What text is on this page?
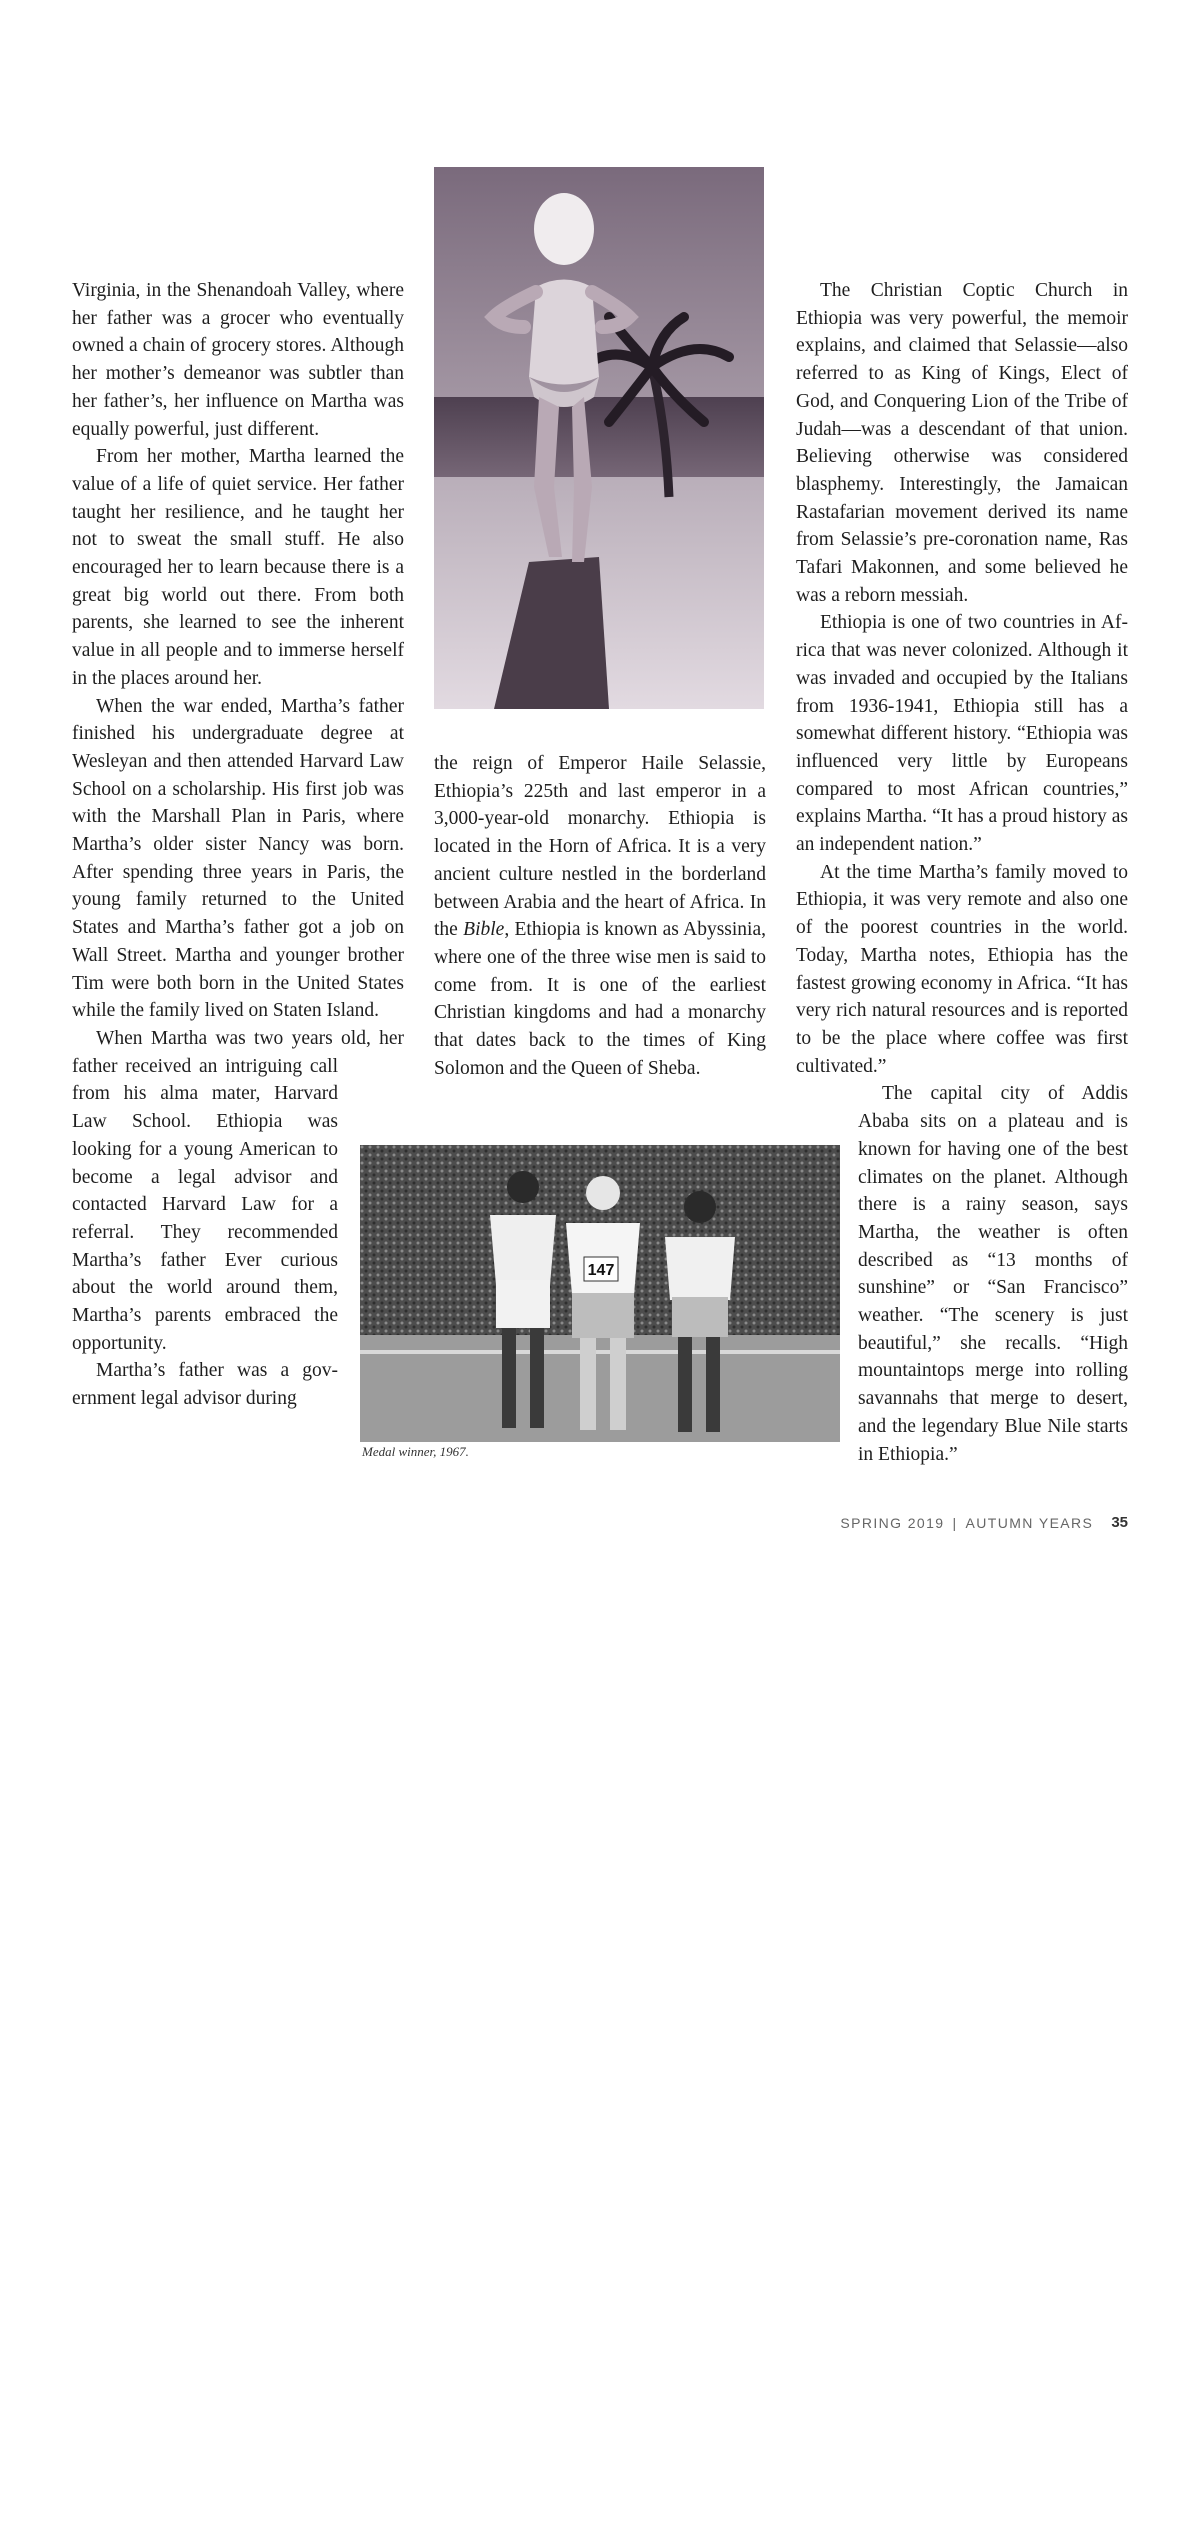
Virginia, in the Shenandoah Valley, where her father was a grocer who eventually owned a chain of grocery stores. Although her mother’s demeanor was subtler than her father’s, her influence on Martha was equally powerful, just different.

From her mother, Martha learned the value of a life of quiet service. Her father taught her resilience, and he taught her not to sweat the small stuff. He also encouraged her to learn because there is a great big world out there. From both parents, she learned to see the inherent value in all people and to immerse herself in the places around her.

When the war ended, Martha’s father finished his undergraduate degree at Wesleyan and then attended Harvard Law School on a scholarship. His first job was with the Marshall Plan in Paris, where Martha’s older sister Nancy was born. After spending three years in Paris, the young family returned to the United States and Martha’s father got a job on Wall Street. Martha and younger brother Tim were both born in the United States while the family lived on Staten Island.

When Martha was two years old, her father received an intriguing call from his alma mater, Harvard Law School. Ethiopia was looking for a young American to become a legal advisor and contacted Harvard Law for a referral. They recommended Martha’s father Ever curious about the world around them, Martha’s parents embraced the opportunity.

Martha’s father was a government legal advisor during

the reign of Emperor Haile Selassie, Ethiopia’s 225th and last emperor in a 3,000-year-old monarchy. Ethiopia is located in the Horn of Africa. It is a very ancient culture nestled in the borderland between Arabia and the heart of Africa. In the Bible, Ethiopia is known as Abyssinia, where one of the three wise men is said to come from. It is one of the earliest Christian kingdoms and had a monarchy that dates back to the times of King Solomon and the Queen of Sheba.

The Christian Coptic Church in Ethiopia was very powerful, the memoir explains, and claimed that Selassie—also referred to as King of Kings, Elect of God, and Conquering Lion of the Tribe of Judah—was a descendant of that union. Believing otherwise was considered blasphemy. Interestingly, the Jamaican Rastafarian movement derived its name from Selassie’s pre-coronation name, Ras Tafari Makonnen, and some believed he was a reborn messiah.

Ethiopia is one of two countries in Africa that was never colonized. Although it was invaded and occupied by the Italians from 1936-1941, Ethiopia still has a somewhat different history. “Ethiopia was influenced very little by Europeans compared to most African countries,” explains Martha. “It has a proud history as an independent nation.”

At the time Martha’s family moved to Ethiopia, it was very remote and also one of the poorest countries in the world. Today, Martha notes, Ethiopia has the fastest growing economy in Africa. “It has very rich natural resources and is reported to be the place where coffee was first cultivated.”

The capital city of Addis Ababa sits on a plateau and is known for having one of the best climates on the planet. Although there is a rainy season, says Martha, the weather is often described as “13 months of sunshine” or “San Francisco” weather. “The scenery is just beautiful,” she recalls. “High mountaintops merge into rolling savannahs that merge to desert, and the legendary Blue Nile starts in Ethiopia.”

147
Medal winner, 1967.
SPRING 2019 | AUTUMN YEARS 35
